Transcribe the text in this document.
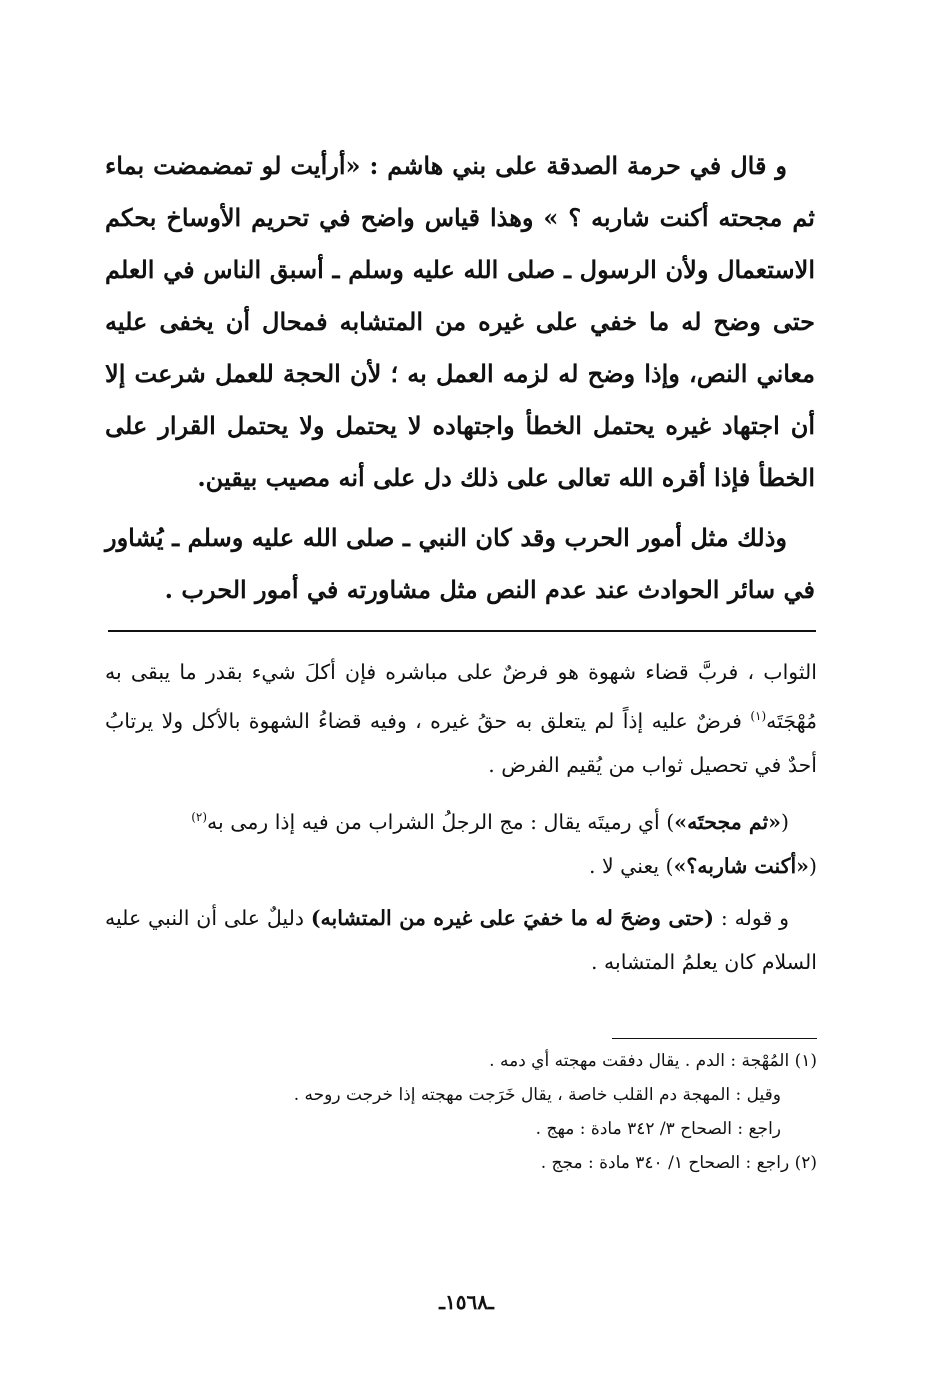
و قال في حرمة الصدقة على بني هاشم : «أرأيت لو تمضمضت بماء ثم مجحته أكنت شاربه ؟ » وهذا قياس واضح في تحريم الأوساخ بحكم الاستعمال ولأن الرسول ـ صلى الله عليه وسلم ـ أسبق الناس في العلم حتى وضح له ما خفي على غيره من المتشابه فمحال أن يخفى عليه معاني النص، وإذا وضح له لزمه العمل به ؛ لأن الحجة للعمل شرعت إلا أن اجتهاد غيره يحتمل الخطأ واجتهاده لا يحتمل ولا يحتمل القرار على الخطأ فإذا أقره الله تعالى على ذلك دل على أنه مصيب بيقين.

وذلك مثل أمور الحرب وقد كان النبي ـ صلى الله عليه وسلم ـ يُشاور في سائر الحوادث عند عدم النص مثل مشاورته في أمور الحرب .

الثواب ، فربَّ قضاء شهوة هو فرضٌ على مباشره فإن أكلَ شيء بقدر ما يبقى به مُهْجَتَه$^{(١)}$ فرضٌ عليه إذاً لم يتعلق به حقُ غيره ، وفيه قضاءُ الشهوة بالأكل ولا يرتابُ أحدٌ في تحصيل ثواب من يُقيم الفرض .

(«ثم مجحتَه») أي رميتَه يقال : مج الرجلُ الشراب من فيه إذا رمى به$^{(٢)}$
(«أكنت شاربه؟») يعني لا .

و قوله : (حتى وضحَ له ما خفيَ على غيره من المتشابه) دليلٌ على أن النبي عليه السلام كان يعلمُ المتشابه .

(١) المُهْجة : الدم . يقال دفقت مهجته أي دمه .
وقيل : المهجة دم القلب خاصة ، يقال خَرَجت مهجته إذا خرجت روحه .
راجع : الصحاح ٣/ ٣٤٢ مادة : مهج .
(٢) راجع : الصحاح ١/ ٣٤٠ مادة : مجج .
ـ١٥٦٨ـ
